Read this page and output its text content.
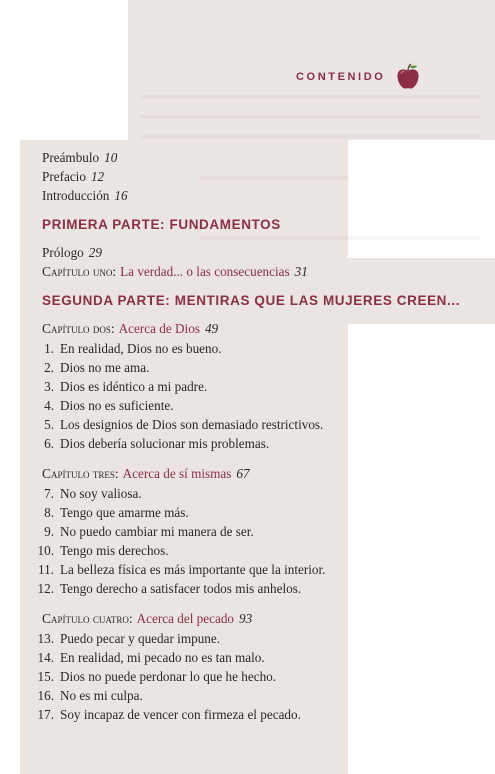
CONTENIDO
Preámbulo 10
Prefacio 12
Introducción 16
PRIMERA PARTE: FUNDAMENTOS
Prólogo 29
Capítulo uno: La verdad... o las consecuencias 31
SEGUNDA PARTE: MENTIRAS QUE LAS MUJERES CREEN...
Capítulo dos: Acerca de Dios 49
1. En realidad, Dios no es bueno.
2. Dios no me ama.
3. Dios es idéntico a mi padre.
4. Dios no es suficiente.
5. Los designios de Dios son demasiado restrictivos.
6. Dios debería solucionar mis problemas.
Capítulo tres: Acerca de sí mismas 67
7. No soy valiosa.
8. Tengo que amarme más.
9. No puedo cambiar mi manera de ser.
10. Tengo mis derechos.
11. La belleza física es más importante que la interior.
12. Tengo derecho a satisfacer todos mis anhelos.
Capítulo cuatro: Acerca del pecado 93
13. Puedo pecar y quedar impune.
14. En realidad, mi pecado no es tan malo.
15. Dios no puede perdonar lo que he hecho.
16. No es mi culpa.
17. Soy incapaz de vencer con firmeza el pecado.
